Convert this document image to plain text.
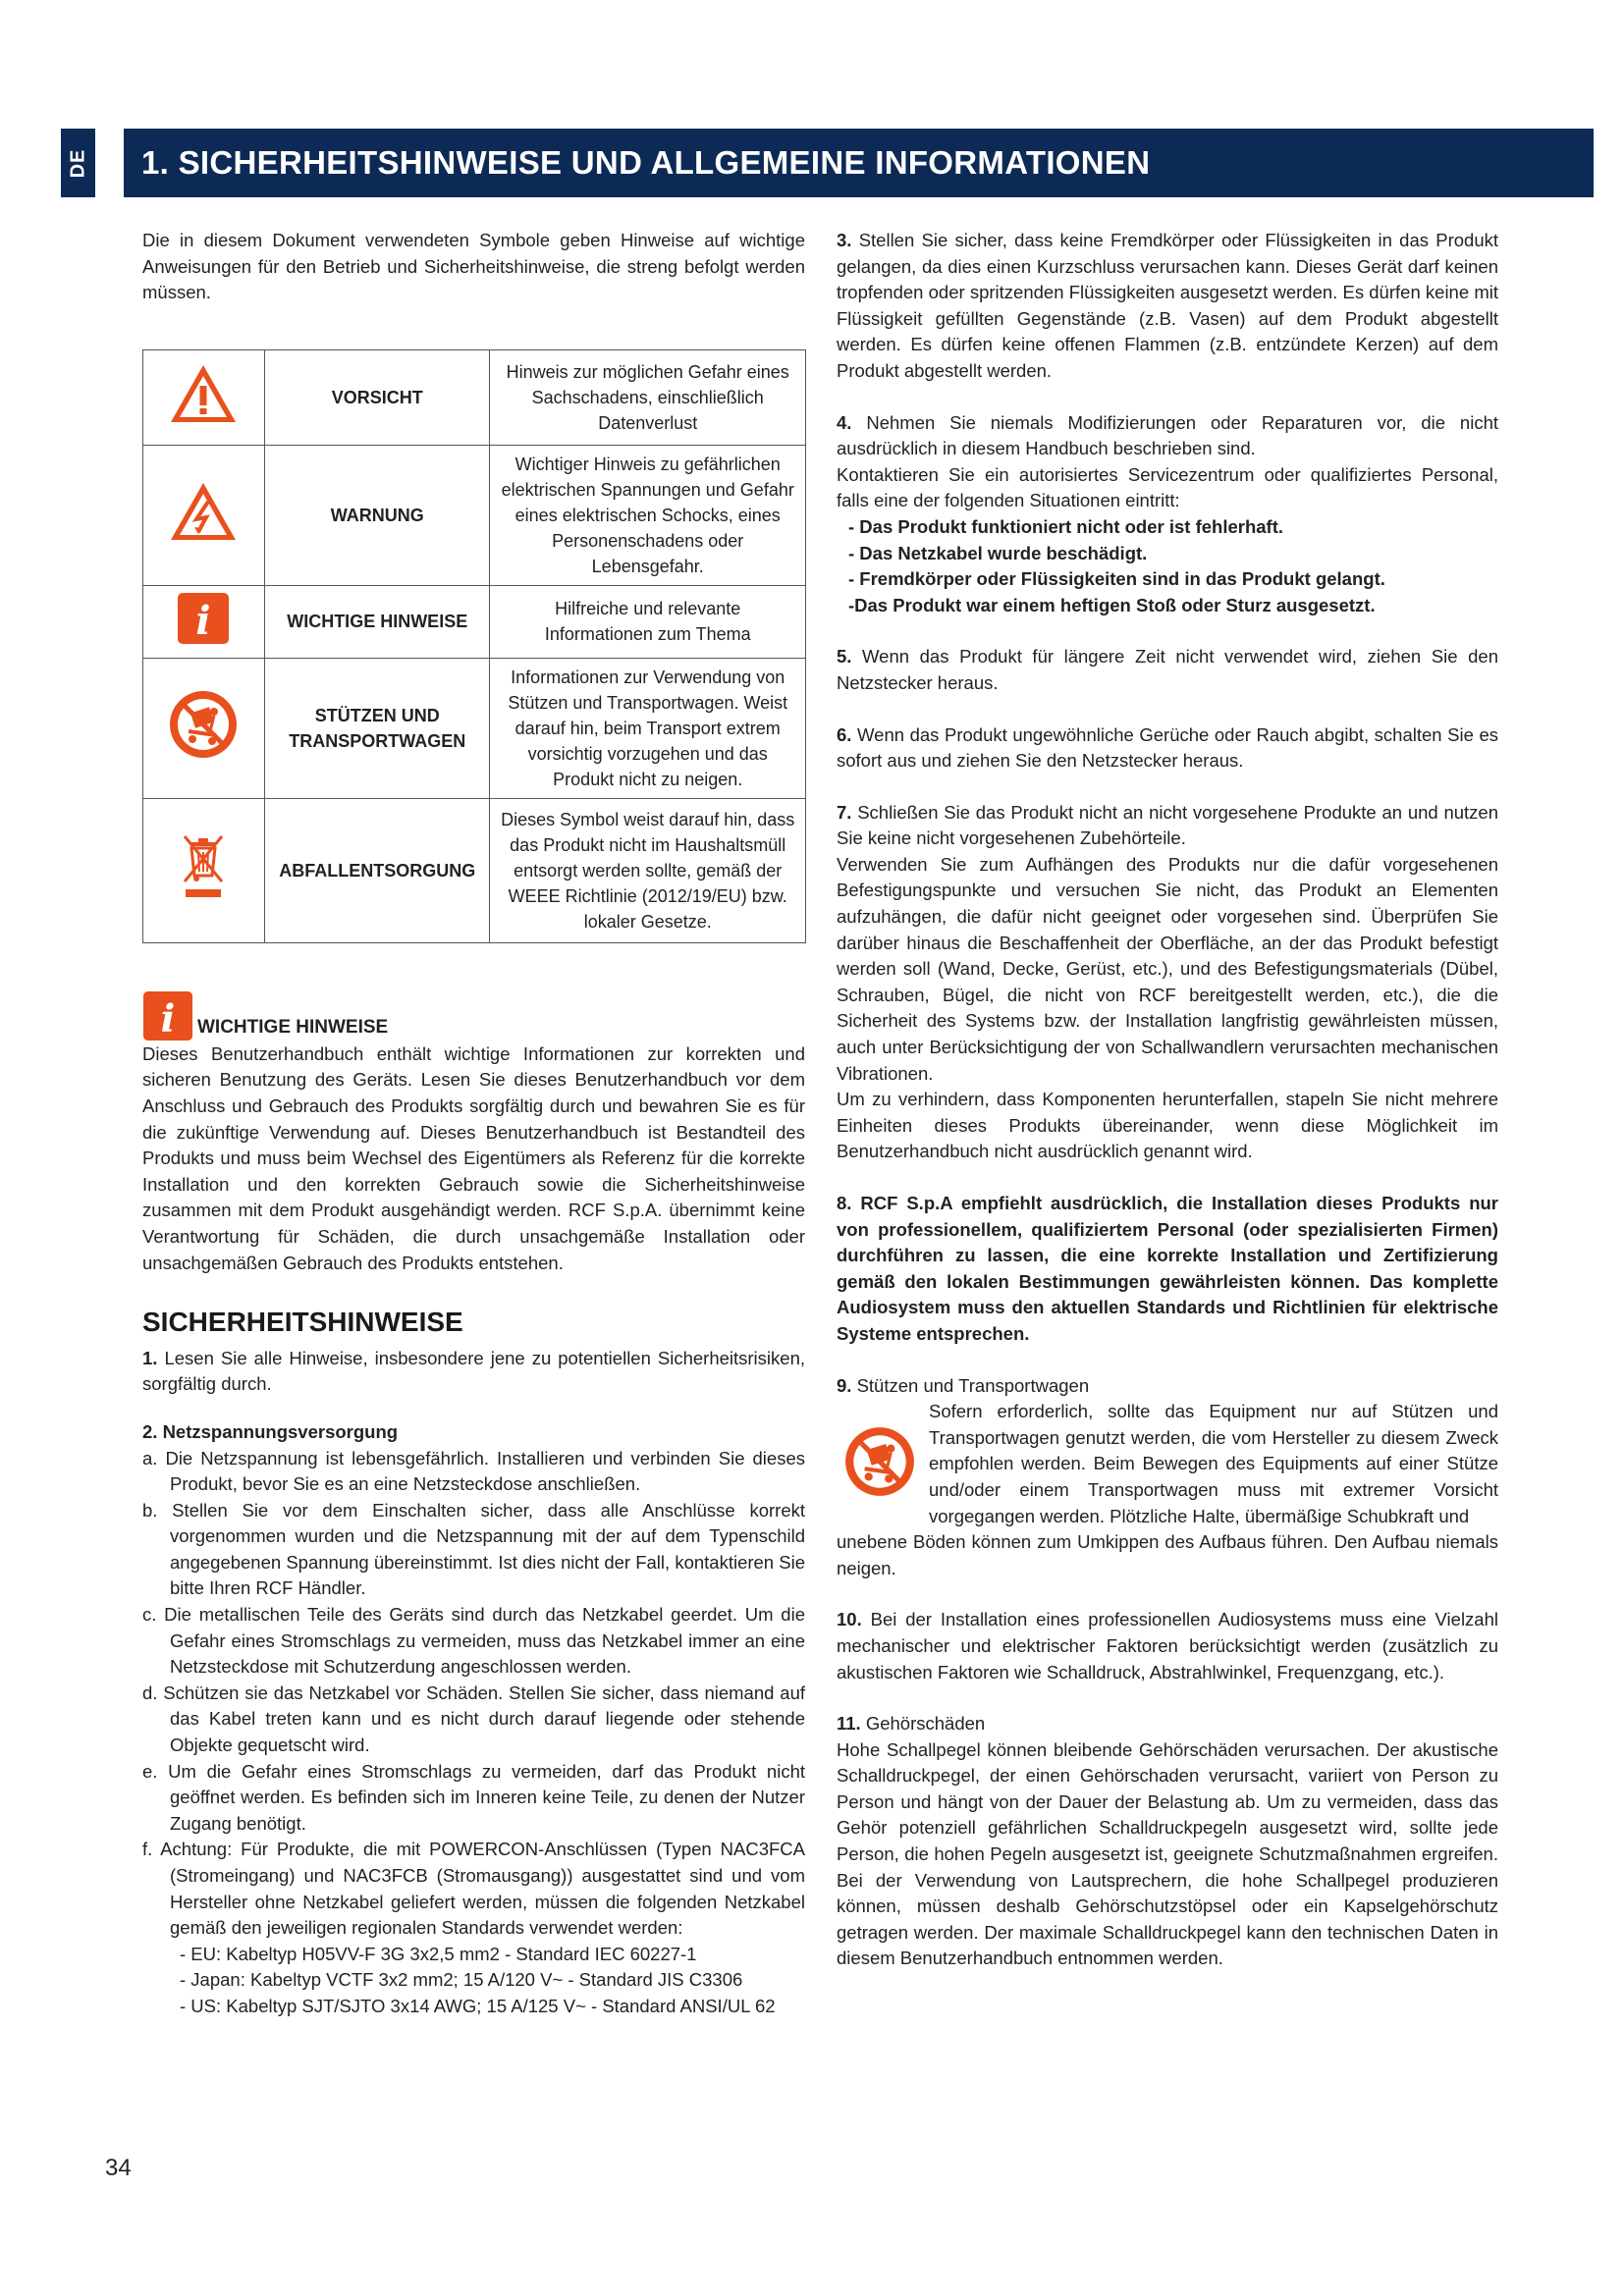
DE 1. SICHERHEITSHINWEISE UND ALLGEMEINE INFORMATIONEN

Die in diesem Dokument verwendeten Symbole geben Hinweise auf wichtige Anweisungen für den Betrieb und Sicherheitshinweise, die streng befolgt werden müssen.

	VORSICHT	Hinweis zur möglichen Gefahr eines Sachschadens, einschließlich Datenverlust
	WARNUNG	Wichtiger Hinweis zu gefährlichen elektrischen Spannungen und Gefahr eines elektrischen Schocks, eines Personenschadens oder Lebensgefahr.

i	WICHTIGE HINWEISE	Hilfreiche und relevante Informationen zum Thema
	STÜTZEN UND TRANSPORTWAGEN	Informationen zur Verwendung von Stützen und Transportwagen. Weist darauf hin, beim Transport extrem vorsichtig vorzugehen und das Produkt nicht zu neigen.
	ABFALLENTSORGUNG	Dieses Symbol weist darauf hin, dass das Produkt nicht im Haushaltsmüll entsorgt werden sollte, gemäß der WEEE Richtlinie (2012/19/EU) bzw. lokaler Gesetze.
i WICHTIGE HINWEISE

Dieses Benutzerhandbuch enthält wichtige Informationen zur korrekten und sicheren Benutzung des Geräts. Lesen Sie dieses Benutzerhandbuch vor dem Anschluss und Gebrauch des Produkts sorgfältig durch und bewahren Sie es für die zukünftige Verwendung auf. Dieses Benutzerhandbuch ist Bestandteil des Produkts und muss beim Wechsel des Eigentümers als Referenz für die korrekte Installation und den korrekten Gebrauch sowie die Sicherheitshinweise zusammen mit dem Produkt ausgehändigt werden. RCF S.p.A. übernimmt keine Verantwortung für Schäden, die durch unsachgemäße Installation oder unsachgemäßen Gebrauch des Produkts entstehen.

SICHERHEITSHINWEISE

1. Lesen Sie alle Hinweise, insbesondere jene zu potentiellen Sicherheitsrisiken, sorgfältig durch.

2. Netzspannungsversorgung

a. Die Netzspannung ist lebensgefährlich. Installieren und verbinden Sie dieses Produkt, bevor Sie es an eine Netzsteckdose anschließen.

b. Stellen Sie vor dem Einschalten sicher, dass alle Anschlüsse korrekt vorgenommen wurden und die Netzspannung mit der auf dem Typenschild angegebenen Spannung übereinstimmt. Ist dies nicht der Fall, kontaktieren Sie bitte Ihren RCF Händler.

c. Die metallischen Teile des Geräts sind durch das Netzkabel geerdet. Um die Gefahr eines Stromschlags zu vermeiden, muss das Netzkabel immer an eine Netzsteckdose mit Schutzerdung angeschlossen werden.

d. Schützen sie das Netzkabel vor Schäden. Stellen Sie sicher, dass niemand auf das Kabel treten kann und es nicht durch darauf liegende oder stehende Objekte gequetscht wird.

e. Um die Gefahr eines Stromschlags zu vermeiden, darf das Produkt nicht geöffnet werden. Es befinden sich im Inneren keine Teile, zu denen der Nutzer Zugang benötigt.

f. Achtung: Für Produkte, die mit POWERCON-Anschlüssen (Typen NAC3FCA (Stromeingang) und NAC3FCB (Stromausgang)) ausgestattet sind und vom Hersteller ohne Netzkabel geliefert werden, müssen die folgenden Netzkabel gemäß den jeweiligen regionalen Standards verwendet werden:

- EU: Kabeltyp H05VV-F 3G 3x2,5 mm2 - Standard IEC 60227-1

- Japan: Kabeltyp VCTF 3x2 mm2; 15 A/120 V~ - Standard JIS C3306

- US: Kabeltyp SJT/SJTO 3x14 AWG; 15 A/125 V~ - Standard ANSI/UL 62

3. Stellen Sie sicher, dass keine Fremdkörper oder Flüssigkeiten in das Produkt gelangen, da dies einen Kurzschluss verursachen kann. Dieses Gerät darf keinen tropfenden oder spritzenden Flüssigkeiten ausgesetzt werden. Es dürfen keine mit Flüssigkeit gefüllten Gegenstände (z.B. Vasen) auf dem Produkt abgestellt werden. Es dürfen keine offenen Flammen (z.B. entzündete Kerzen) auf dem Produkt abgestellt werden.

4. Nehmen Sie niemals Modifizierungen oder Reparaturen vor, die nicht ausdrücklich in diesem Handbuch beschrieben sind.

Kontaktieren Sie ein autorisiertes Servicezentrum oder qualifiziertes Personal, falls eine der folgenden Situationen eintritt:

- Das Produkt funktioniert nicht oder ist fehlerhaft.

- Das Netzkabel wurde beschädigt.

- Fremdkörper oder Flüssigkeiten sind in das Produkt gelangt.

-Das Produkt war einem heftigen Stoß oder Sturz ausgesetzt.

5. Wenn das Produkt für längere Zeit nicht verwendet wird, ziehen Sie den Netzstecker heraus.

6. Wenn das Produkt ungewöhnliche Gerüche oder Rauch abgibt, schalten Sie es sofort aus und ziehen Sie den Netzstecker heraus.

7. Schließen Sie das Produkt nicht an nicht vorgesehene Produkte an und nutzen Sie keine nicht vorgesehenen Zubehörteile.

Verwenden Sie zum Aufhängen des Produkts nur die dafür vorgesehenen Befestigungspunkte und versuchen Sie nicht, das Produkt an Elementen aufzuhängen, die dafür nicht geeignet oder vorgesehen sind. Überprüfen Sie darüber hinaus die Beschaffenheit der Oberfläche, an der das Produkt befestigt werden soll (Wand, Decke, Gerüst, etc.), und des Befestigungsmaterials (Dübel, Schrauben, Bügel, die nicht von RCF bereitgestellt werden, etc.), die die Sicherheit des Systems bzw. der Installation langfristig gewährleisten müssen, auch unter Berücksichtigung der von Schallwandlern verursachten mechanischen Vibrationen.

Um zu verhindern, dass Komponenten herunterfallen, stapeln Sie nicht mehrere Einheiten dieses Produkts übereinander, wenn diese Möglichkeit im Benutzerhandbuch nicht ausdrücklich genannt wird.

8. RCF S.p.A empfiehlt ausdrücklich, die Installation dieses Produkts nur von professionellem, qualifiziertem Personal (oder spezialisierten Firmen) durchführen zu lassen, die eine korrekte Installation und Zertifizierung gemäß den lokalen Bestimmungen gewährleisten können. Das komplette Audiosystem muss den aktuellen Standards und Richtlinien für elektrische Systeme entsprechen.

9. Stützen und Transportwagen

Sofern erforderlich, sollte das Equipment nur auf Stützen und Transportwagen genutzt werden, die vom Hersteller zu diesem Zweck empfohlen werden. Beim Bewegen des Equipments auf einer Stütze und/oder einem Transportwagen muss mit extremer Vorsicht vorgegangen werden. Plötzliche Halte, übermäßige Schubkraft und

unebene Böden können zum Umkippen des Aufbaus führen. Den Aufbau niemals neigen.

10. Bei der Installation eines professionellen Audiosystems muss eine Vielzahl mechanischer und elektrischer Faktoren berücksichtigt werden (zusätzlich zu akustischen Faktoren wie Schalldruck, Abstrahlwinkel, Frequenzgang, etc.).

11. Gehörschäden

Hohe Schallpegel können bleibende Gehörschäden verursachen. Der akustische Schalldruckpegel, der einen Gehörschaden verursacht, variiert von Person zu Person und hängt von der Dauer der Belastung ab. Um zu vermeiden, dass das Gehör potenziell gefährlichen Schalldruckpegeln ausgesetzt wird, sollte jede Person, die hohen Pegeln ausgesetzt ist, geeignete Schutzmaßnahmen ergreifen. Bei der Verwendung von Lautsprechern, die hohe Schallpegel produzieren können, müssen deshalb Gehörschutzstöpsel oder ein Kapselgehörschutz getragen werden. Der maximale Schalldruckpegel kann den technischen Daten in diesem Benutzerhandbuch entnommen werden.

34
